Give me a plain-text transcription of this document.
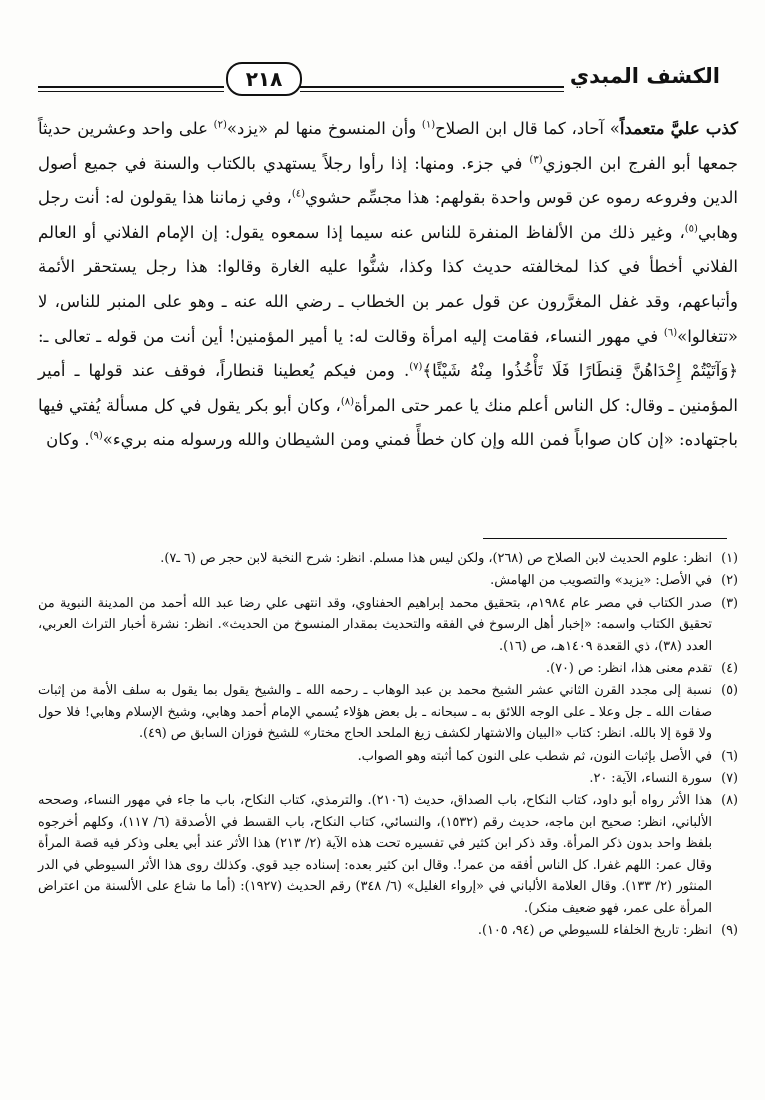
الكشف المبدي
٢١٨

كذب عليَّ متعمداً» آحاد، كما قال ابن الصلاح$^{(١)}$ وأن المنسوخ منها لم «يزد»$^{(٢)}$ على واحد وعشرين حديثاً جمعها أبو الفرج ابن الجوزي$^{(٣)}$ في جزء. ومنها: إذا رأوا رجلاً يستهدي بالكتاب والسنة في جميع أصول الدين وفروعه رموه عن قوس واحدة بقولهم: هذا مجسِّم حشوي$^{(٤)}$، وفي زماننا هذا يقولون له: أنت رجل وهابي$^{(٥)}$، وغير ذلك من الألفاظ المنفرة للناس عنه سيما إذا سمعوه يقول: إن الإمام الفلاني أو العالم الفلاني أخطأ في كذا لمخالفته حديث كذا وكذا، شنُّوا عليه الغارة وقالوا: هذا رجل يستحقر الأئمة وأتباعهم، وقد غفل المغرَّرون عن قول عمر بن الخطاب ـ رضي الله عنه ـ وهو على المنبر للناس، لا «تتغالوا»$^{(٦)}$ في مهور النساء، فقامت إليه امرأة وقالت له: يا أمير المؤمنين! أين أنت من قوله ـ تعالى ـ: ﴿وَآتَيْتُمْ إِحْدَاهُنَّ قِنطَارًا فَلَا تَأْخُذُوا مِنْهُ شَيْئًا﴾$^{(٧)}$. ومن فيكم يُعطينا قنطاراً، فوقف عند قولها ـ أمير المؤمنين ـ وقال: كل الناس أعلم منك يا عمر حتى المرأة$^{(٨)}$، وكان أبو بكر يقول في كل مسألة يُفتي فيها باجتهاده: «إن كان صواباً فمن الله وإن كان خطأً فمني ومن الشيطان والله ورسوله منه بريء»$^{(٩)}$. وكان

(١)
انظر: علوم الحديث لابن الصلاح ص (٢٦٨)، ولكن ليس هذا مسلم. انظر: شرح النخبة لابن حجر ص (٦ ـ٧).
(٢)
في الأصل: «يزيد» والتصويب من الهامش.
(٣)
صدر الكتاب في مصر عام ١٩٨٤م، بتحقيق محمد إبراهيم الحفناوي، وقد انتهى علي رضا عبد الله أحمد من المدينة النبوية من تحقيق الكتاب واسمه: «إخبار أهل الرسوخ في الفقه والتحديث بمقدار المنسوخ من الحديث». انظر: نشرة أخبار التراث العربي، العدد (٣٨)، ذي القعدة ١٤٠٩هـ، ص (١٦).
(٤)
تقدم معنى هذا، انظر: ص (٧٠).
(٥)
نسبة إلى مجدد القرن الثاني عشر الشيخ محمد بن عبد الوهاب ـ رحمه الله ـ والشيخ يقول بما يقول به سلف الأمة من إثبات صفات الله ـ جل وعلا ـ على الوجه اللائق به ـ سبحانه ـ بل بعض هؤلاء يُسمي الإمام أحمد وهابي، وشيخ الإسلام وهابي! فلا حول ولا قوة إلا بالله. انظر: كتاب «البيان والاشتهار لكشف زيغ الملحد الحاج مختار» للشيخ فوزان السابق ص (٤٩).
(٦)
في الأصل بإثبات النون، ثم شطب على النون كما أثبته وهو الصواب.
(٧)
سورة النساء، الآية: ٢٠.
(٨)
هذا الأثر رواه أبو داود، كتاب النكاح، باب الصداق، حديث (٢١٠٦). والترمذي، كتاب النكاح، باب ما جاء في مهور النساء، وصححه الألباني، انظر: صحيح ابن ماجه، حديث رقم (١٥٣٢)، والنسائي، كتاب النكاح، باب القسط في الأصدقة (٦/ ١١٧)، وكلهم أخرجوه بلفظ واحد بدون ذكر المرأة. وقد ذكر ابن كثير في تفسيره تحت هذه الآية (٢/ ٢١٣) هذا الأثر عند أبي يعلى وذكر فيه قصة المرأة وقال عمر: اللهم غفرا. كل الناس أفقه من عمر!. وقال ابن كثير بعده: إسناده جيد قوي. وكذلك روى هذا الأثر السيوطي في الدر المنثور (٢/ ١٣٣). وقال العلامة الألباني في «إرواء الغليل» (٦/ ٣٤٨) رقم الحديث (١٩٢٧): (أما ما شاع على الألسنة من اعتراض المرأة على عمر، فهو ضعيف منكر).
(٩)
انظر: تاريخ الخلفاء للسيوطي ص (٩٤، ١٠٥).
